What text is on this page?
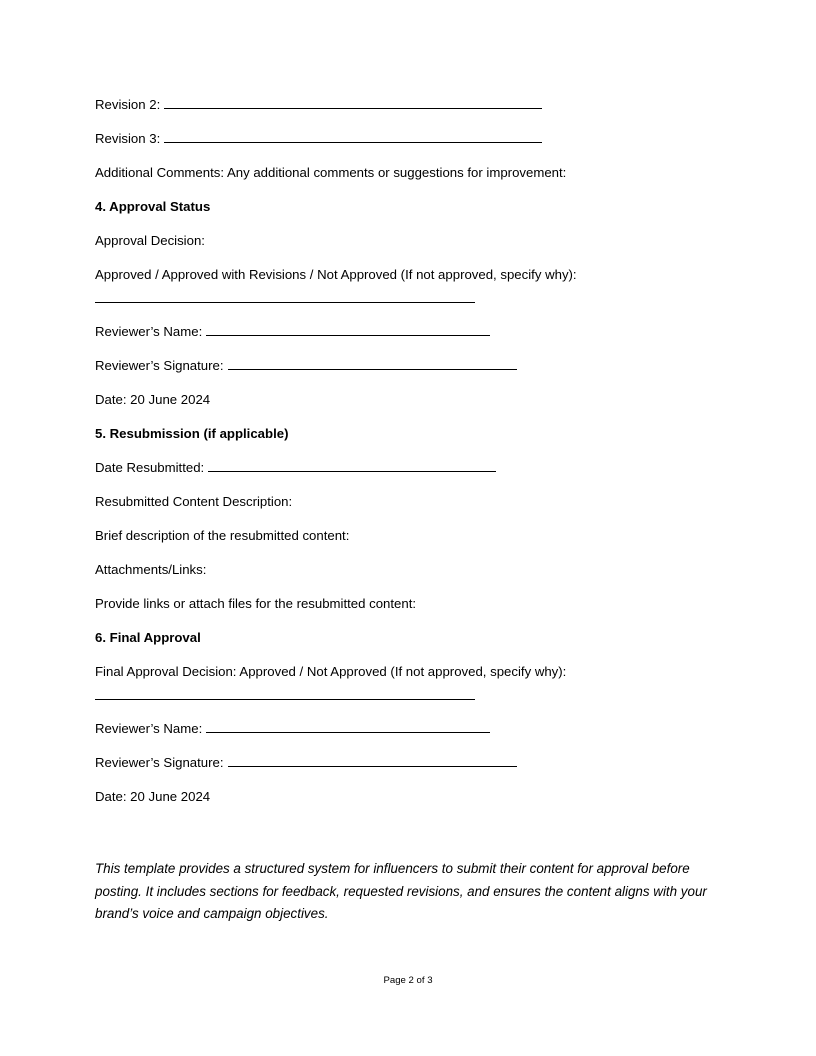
Revision 2:
Revision 3:
Additional Comments: Any additional comments or suggestions for improvement:
4. Approval Status
Approval Decision:
Approved / Approved with Revisions / Not Approved (If not approved, specify why):
Reviewer’s Name:
Reviewer’s Signature:
Date: 20 June 2024
5. Resubmission (if applicable)
Date Resubmitted:
Resubmitted Content Description:
Brief description of the resubmitted content:
Attachments/Links:
Provide links or attach files for the resubmitted content:
6. Final Approval
Final Approval Decision: Approved / Not Approved (If not approved, specify why):
Reviewer’s Name:
Reviewer’s Signature:
Date: 20 June 2024
This template provides a structured system for influencers to submit their content for approval before posting. It includes sections for feedback, requested revisions, and ensures the content aligns with your brand’s voice and campaign objectives.
Page 2 of 3
